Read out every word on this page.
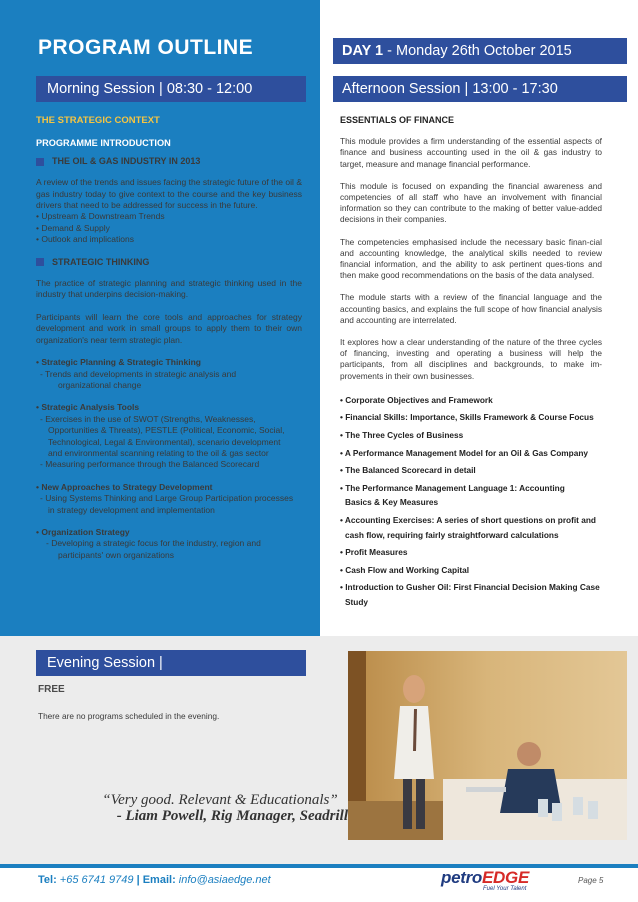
PROGRAM OUTLINE
Morning Session | 08:30 - 12:00
DAY 1 - Monday 26th October 2015
Afternoon Session | 13:00 - 17:30
THE STRATEGIC CONTEXT
PROGRAMME INTRODUCTION
THE OIL & GAS INDUSTRY IN 2013
A review of the trends and issues facing the strategic future of the oil & gas industry today to give context to the course and the key business drivers that need to be addressed for success in the future.
• Upstream & Downstream Trends
• Demand & Supply
• Outlook and implications
STRATEGIC THINKING
The practice of strategic planning and strategic thinking used in the industry that underpins decision-making.
Participants will learn the core tools and approaches for strategy development and work in small groups to apply them to their own organization's near term strategic plan.
• Strategic Planning & Strategic Thinking
- Trends and developments in strategic analysis and
organizational change
• Strategic Analysis Tools
- Exercises in the use of SWOT (Strengths, Weaknesses,
Opportunities & Threats), PESTLE (Political, Economic, Social,
Technological, Legal & Environmental), scenario development
and environmental scanning relating to the oil & gas sector
- Measuring performance through the Balanced Scorecard
• New Approaches to Strategy Development
- Using Systems Thinking and Large Group Participation processes
in strategy development and implementation
• Organization Strategy
- Developing a strategic focus for the industry, region and
participants' own organizations
ESSENTIALS OF FINANCE
This module provides a firm understanding of the essential aspects of finance and business accounting used in the oil & gas industry to target, measure and manage financial performance.
This module is focused on expanding the financial awareness and competencies of all staff who have an involvement with financial information so they can contribute to the making of better value-added decisions in their companies.
The competencies emphasised include the necessary basic finan-cial and accounting knowledge, the analytical skills needed to review financial information, and the ability to ask pertinent ques-tions and then make good recommendations on the basis of the data analysed.
The module starts with a review of the financial language and the accounting basics, and explains the full scope of how financial analysis and accounting are interrelated.
It explores how a clear understanding of the nature of the three cycles of financing, investing and operating a business will help the participants, from all disciplines and backgrounds, to make im-provements in their own businesses.
• Corporate Objectives and Framework
• Financial Skills: Importance, Skills Framework & Course Focus
• The Three Cycles of Business
• A Performance Management Model for an Oil & Gas Company
• The Balanced Scorecard in detail
• The Performance Management Language 1: Accounting
Basics & Key Measures
• Accounting Exercises: A series of short questions on profit and
cash flow, requiring fairly straightforward calculations
• Profit Measures
• Cash Flow and Working Capital
• Introduction to Gusher Oil: First Financial Decision Making Case
Study
Evening Session |
FREE
There are no programs scheduled in the evening.
“Very good. Relevant & Educationals”
- Liam Powell, Rig Manager, Seadrill
Tel: +65 6741 9749 | Email: info@asiaedge.net	petroEDGE
Fuel Your Talent
Page 5
